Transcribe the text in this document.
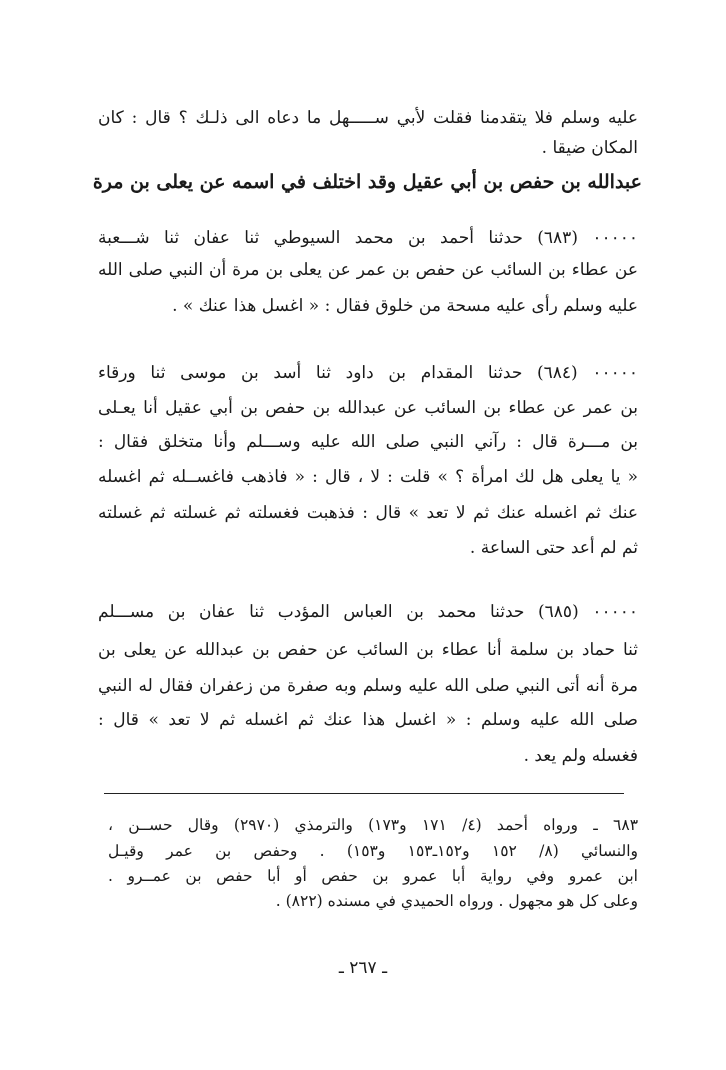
عليه وسلم فلا يتقدمنا فقلت لأبي ســـــهل ما دعاه الى ذلـك ؟ قال : كان
المكان ضيقا .
عبدالله بن حفص بن أبي عقيل وقد اختلف في اسمه عن يعلى بن مرة
٠٠٠٠٠ (٦٨٣) حدثنا أحمد بن محمد السيوطي ثنا عفان ثنا شـــعبة
عن عطاء بن السائب عن حفص بن عمر عن يعلى بن مرة أن النبي صلى الله
عليه وسلم رأى عليه مسحة من خلوق فقال : « اغسل هذا عنك » .
٠٠٠٠٠ (٦٨٤) حدثنا المقدام بن داود ثنا أسد بن موسى ثنا ورقاء
بن عمر عن عطاء بن السائب عن عبدالله بن حفص بن أبي عقيل أنا يعـلى
بن مـــرة قال : رآني النبي صلى الله عليه وســـلم وأنا متخلق فقال :
« يا يعلى هل لك امرأة ؟ » قلت : لا ، قال : « فاذهب فاغســله ثم اغسله
عنك ثم اغسله عنك ثم لا تعد » قال : فذهبت فغسلته ثم غسلته ثم غسلته
ثم لم أعد حتى الساعة .
٠٠٠٠٠ (٦٨٥) حدثنا محمد بن العباس المؤدب ثنا عفان بن مســـلم
ثنا حماد بن سلمة أنا عطاء بن السائب عن حفص بن عبدالله عن يعلى بن
مرة أنه أتى النبي صلى الله عليه وسلم وبه صفرة من زعفران فقال له النبي
صلى الله عليه وسلم : « اغسل هذا عنك ثم اغسله ثم لا تعد » قال :
فغسله ولم يعد .
٦٨٣ ـ ورواه أحمد (٤/ ١٧١ و١٧٣) والترمذي (٢٩٧٠) وقال حســن ،
والنسائي (٨/ ١٥٢ و١٥٢ـ١٥٣ و١٥٣) . وحفص بن عمر وقيـل
ابن عمرو وفي رواية أبا عمرو بن حفص أو أبا حفص بن عمــرو .
وعلى كل هو مجهول . ورواه الحميدي في مسنده (٨٢٢) .
ـ ٢٦٧ ـ
